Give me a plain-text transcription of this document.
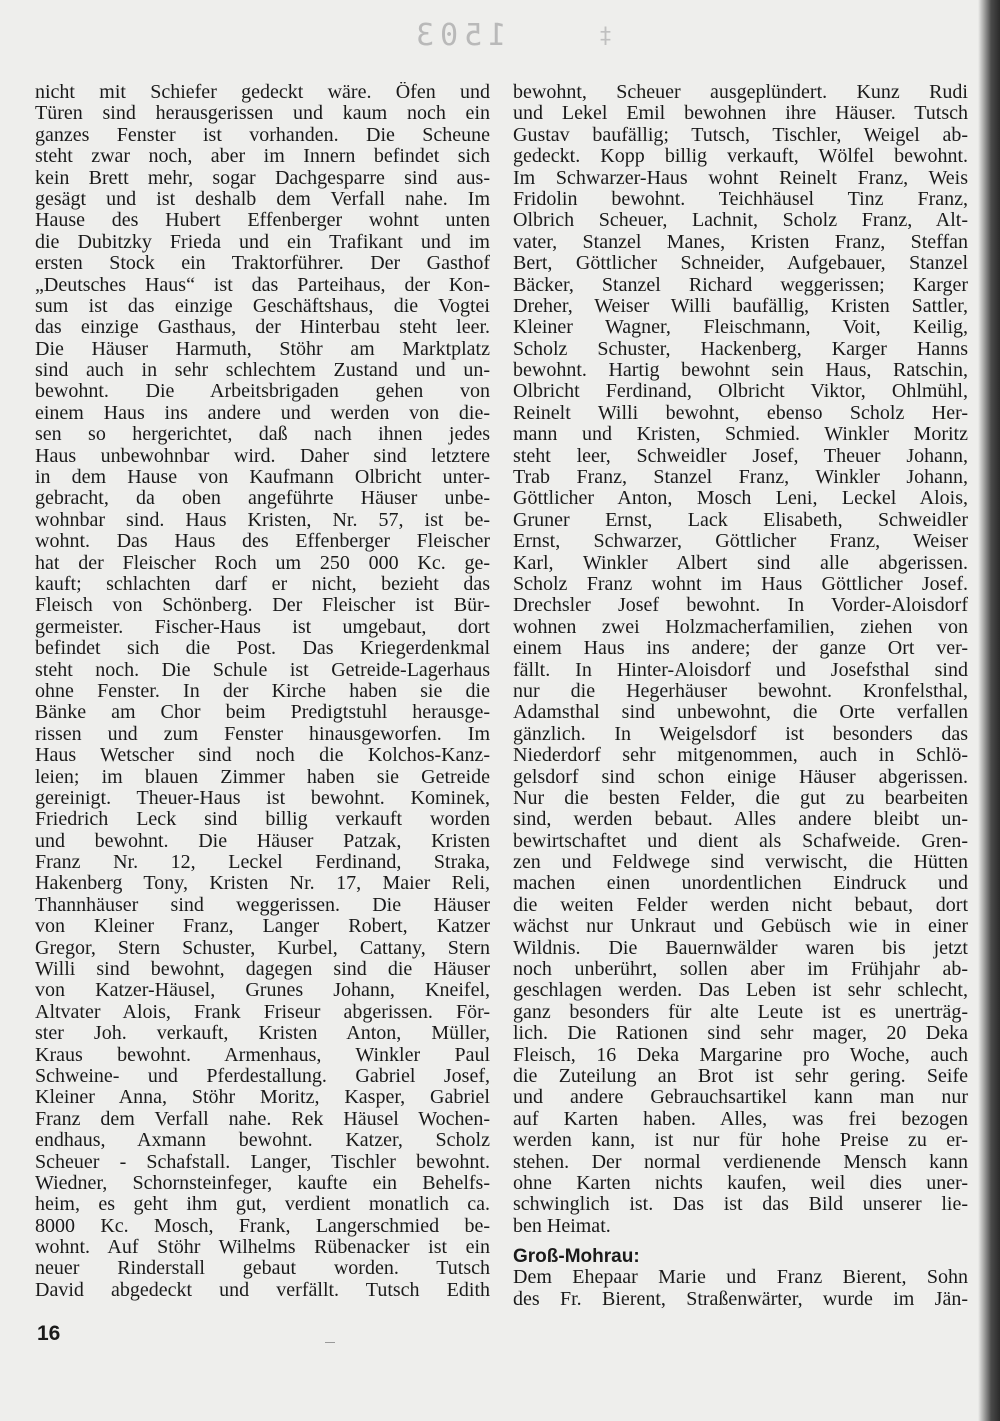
1503	‡
nicht mit Schiefer gedeckt wäre. Öfen und
Türen sind herausgerissen und kaum noch ein
ganzes Fenster ist vorhanden. Die Scheune
steht zwar noch, aber im Innern befindet sich
kein Brett mehr, sogar Dachgesparre sind aus-
gesägt und ist deshalb dem Verfall nahe. Im
Hause des Hubert Effenberger wohnt unten
die Dubitzky Frieda und ein Trafikant und im
ersten Stock ein Traktorführer. Der Gasthof
„Deutsches Haus“ ist das Parteihaus, der Kon-
sum ist das einzige Geschäftshaus, die Vogtei
das einzige Gasthaus, der Hinterbau steht leer.
Die Häuser Harmuth, Stöhr am Marktplatz
sind auch in sehr schlechtem Zustand und un-
bewohnt. Die Arbeitsbrigaden gehen von
einem Haus ins andere und werden von die-
sen so hergerichtet, daß nach ihnen jedes
Haus unbewohnbar wird. Daher sind letztere
in dem Hause von Kaufmann Olbricht unter-
gebracht, da oben angeführte Häuser unbe-
wohnbar sind. Haus Kristen, Nr. 57, ist be-
wohnt. Das Haus des Effenberger Fleischer
hat der Fleischer Roch um 250 000 Kc. ge-
kauft; schlachten darf er nicht, bezieht das
Fleisch von Schönberg. Der Fleischer ist Bür-
germeister. Fischer-Haus ist umgebaut, dort
befindet sich die Post. Das Kriegerdenkmal
steht noch. Die Schule ist Getreide-Lagerhaus
ohne Fenster. In der Kirche haben sie die
Bänke am Chor beim Predigtstuhl herausge-
rissen und zum Fenster hinausgeworfen. Im
Haus Wetscher sind noch die Kolchos-Kanz-
leien; im blauen Zimmer haben sie Getreide
gereinigt. Theuer-Haus ist bewohnt. Kominek,
Friedrich Leck sind billig verkauft worden
und bewohnt. Die Häuser Patzak, Kristen
Franz Nr. 12, Leckel Ferdinand, Straka,
Hakenberg Tony, Kristen Nr. 17, Maier Reli,
Thannhäuser sind weggerissen. Die Häuser
von Kleiner Franz, Langer Robert, Katzer
Gregor, Stern Schuster, Kurbel, Cattany, Stern
Willi sind bewohnt, dagegen sind die Häuser
von Katzer-Häusel, Grunes Johann, Kneifel,
Altvater Alois, Frank Friseur abgerissen. För-
ster Joh. verkauft, Kristen Anton, Müller,
Kraus bewohnt. Armenhaus, Winkler Paul
Schweine- und Pferdestallung. Gabriel Josef,
Kleiner Anna, Stöhr Moritz, Kasper, Gabriel
Franz dem Verfall nahe. Rek Häusel Wochen-
endhaus, Axmann bewohnt. Katzer, Scholz
Scheuer - Schafstall. Langer, Tischler bewohnt.
Wiedner, Schornsteinfeger, kaufte ein Behelfs-
heim, es geht ihm gut, verdient monatlich ca.
8000 Kc. Mosch, Frank, Langerschmied be-
wohnt. Auf Stöhr Wilhelms Rübenacker ist ein
neuer Rinderstall gebaut worden. Tutsch
David abgedeckt und verfällt. Tutsch Edith
bewohnt, Scheuer ausgeplündert. Kunz Rudi
und Lekel Emil bewohnen ihre Häuser. Tutsch
Gustav baufällig; Tutsch, Tischler, Weigel ab-
gedeckt. Kopp billig verkauft, Wölfel bewohnt.
Im Schwarzer-Haus wohnt Reinelt Franz, Weis
Fridolin bewohnt. Teichhäusel Tinz Franz,
Olbrich Scheuer, Lachnit, Scholz Franz, Alt-
vater, Stanzel Manes, Kristen Franz, Steffan
Bert, Göttlicher Schneider, Aufgebauer, Stanzel
Bäcker, Stanzel Richard weggerissen; Karger
Dreher, Weiser Willi baufällig, Kristen Sattler,
Kleiner Wagner, Fleischmann, Voit, Keilig,
Scholz Schuster, Hackenberg, Karger Hanns
bewohnt. Hartig bewohnt sein Haus, Ratschin,
Olbricht Ferdinand, Olbricht Viktor, Ohlmühl,
Reinelt Willi bewohnt, ebenso Scholz Her-
mann und Kristen, Schmied. Winkler Moritz
steht leer, Schweidler Josef, Theuer Johann,
Trab Franz, Stanzel Franz, Winkler Johann,
Göttlicher Anton, Mosch Leni, Leckel Alois,
Gruner Ernst, Lack Elisabeth, Schweidler
Ernst, Schwarzer, Göttlicher Franz, Weiser
Karl, Winkler Albert sind alle abgerissen.
Scholz Franz wohnt im Haus Göttlicher Josef.
Drechsler Josef bewohnt. In Vorder-Aloisdorf
wohnen zwei Holzmacherfamilien, ziehen von
einem Haus ins andere; der ganze Ort ver-
fällt. In Hinter-Aloisdorf und Josefsthal sind
nur die Hegerhäuser bewohnt. Kronfelsthal,
Adamsthal sind unbewohnt, die Orte verfallen
gänzlich. In Weigelsdorf ist besonders das
Niederdorf sehr mitgenommen, auch in Schlö-
gelsdorf sind schon einige Häuser abgerissen.
Nur die besten Felder, die gut zu bearbeiten
sind, werden bebaut. Alles andere bleibt un-
bewirtschaftet und dient als Schafweide. Gren-
zen und Feldwege sind verwischt, die Hütten
machen einen unordentlichen Eindruck und
die weiten Felder werden nicht bebaut, dort
wächst nur Unkraut und Gebüsch wie in einer
Wildnis. Die Bauernwälder waren bis jetzt
noch unberührt, sollen aber im Frühjahr ab-
geschlagen werden. Das Leben ist sehr schlecht,
ganz besonders für alte Leute ist es unerträg-
lich. Die Rationen sind sehr mager, 20 Deka
Fleisch, 16 Deka Margarine pro Woche, auch
die Zuteilung an Brot ist sehr gering. Seife
und andere Gebrauchsartikel kann man nur
auf Karten haben. Alles, was frei bezogen
werden kann, ist nur für hohe Preise zu er-
stehen. Der normal verdienende Mensch kann
ohne Karten nichts kaufen, weil dies uner-
schwinglich ist. Das ist das Bild unserer lie-
ben Heimat.
Groß-Mohrau:
Dem Ehepaar Marie und Franz Bierent, Sohn
des Fr. Bierent, Straßenwärter, wurde im Jän-
16
